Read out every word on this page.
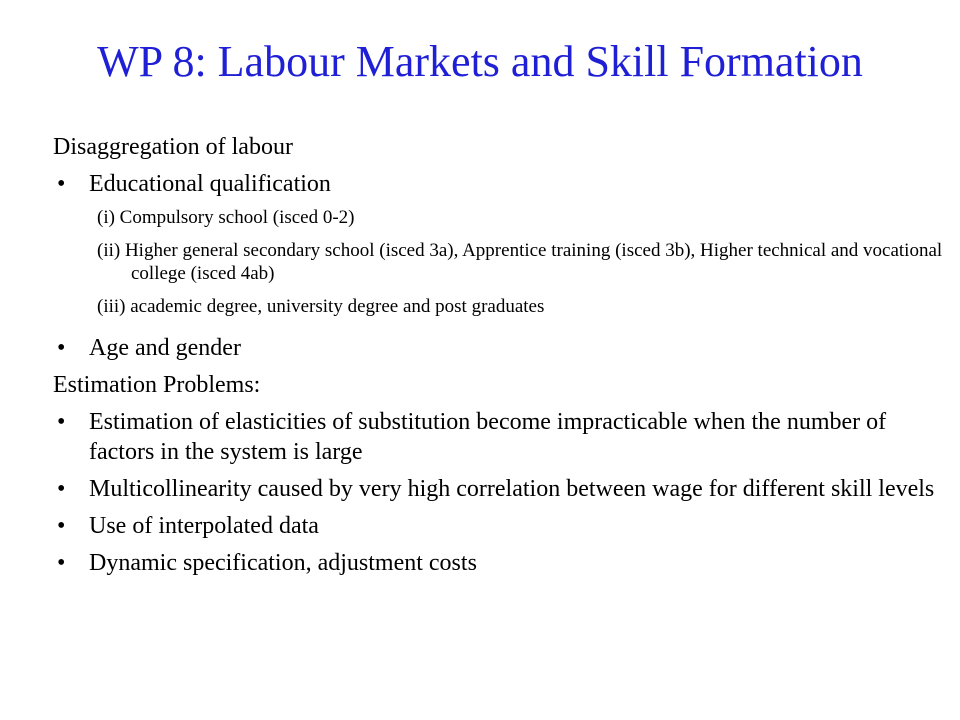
WP 8: Labour Markets and Skill Formation
Disaggregation of labour
• Educational qualification
(i) Compulsory school (isced 0-2)
(ii) Higher general secondary school (isced 3a), Apprentice training (isced 3b), Higher technical and vocational college (isced 4ab)
(iii) academic degree, university degree and post graduates
• Age and gender
Estimation Problems:
• Estimation of elasticities of substitution become impracticable when the number of factors in the system is large
• Multicollinearity caused by very high correlation between wage for different skill levels
• Use of interpolated data
• Dynamic specification, adjustment costs
